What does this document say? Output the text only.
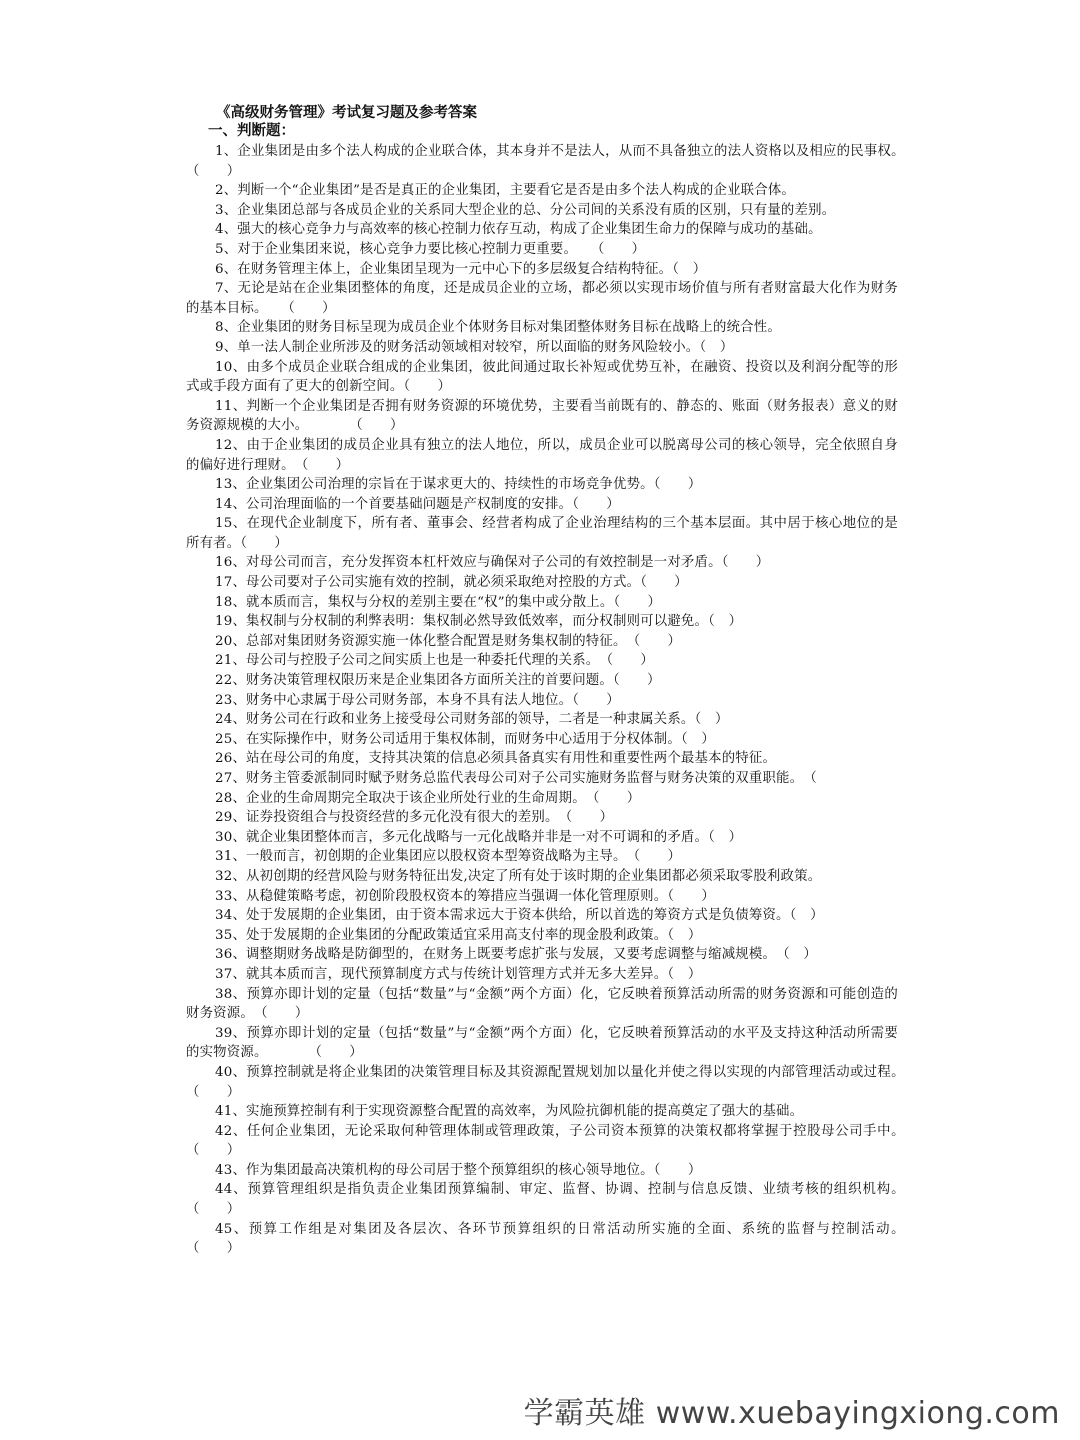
《高级财务管理》考试复习题及参考答案
一、判断题：

1、企业集团是由多个法人构成的企业联合体，其本身并不是法人，从而不具备独立的法人资格以及相应的民事权。　　（　　）

2、判断一个“企业集团”是否是真正的企业集团，主要看它是否是由多个法人构成的企业联合体。

3、企业集团总部与各成员企业的关系同大型企业的总、分公司间的关系没有质的区别，只有量的差别。

4、强大的核心竞争力与高效率的核心控制力依存互动，构成了企业集团生命力的保障与成功的基础。

5、对于企业集团来说，核心竞争力要比核心控制力更重要。　　（　　）

6、在财务管理主体上，企业集团呈现为一元中心下的多层级复合结构特征。（　）

7、无论是站在企业集团整体的角度，还是成员企业的立场，都必须以实现市场价值与所有者财富最大化作为财务的基本目标。　　（　　）

8、企业集团的财务目标呈现为成员企业个体财务目标对集团整体财务目标在战略上的统合性。

9、单一法人制企业所涉及的财务活动领域相对较窄，所以面临的财务风险较小。（　）

10、由多个成员企业联合组成的企业集团，彼此间通过取长补短或优势互补，在融资、投资以及利润分配等的形式或手段方面有了更大的创新空间。（　　）

11、判断一个企业集团是否拥有财务资源的环境优势，主要看当前既有的、静态的、账面（财务报表）意义的财务资源规模的大小。　　　　（　　）

12、由于企业集团的成员企业具有独立的法人地位，所以，成员企业可以脱离母公司的核心领导，完全依照自身的偏好进行理财。　（　　）

13、企业集团公司治理的宗旨在于谋求更大的、持续性的市场竞争优势。（　　）

14、公司治理面临的一个首要基础问题是产权制度的安排。（　　）

15、在现代企业制度下，所有者、董事会、经营者构成了企业治理结构的三个基本层面。其中居于核心地位的是所有者。（　　）

16、对母公司而言，充分发挥资本杠杆效应与确保对子公司的有效控制是一对矛盾。（　　）

17、母公司要对子公司实施有效的控制，就必须采取绝对控股的方式。（　　）

18、就本质而言，集权与分权的差别主要在“权”的集中或分散上。（　　）

19、集权制与分权制的利弊表明：集权制必然导致低效率，而分权制则可以避免。（　）

20、总部对集团财务资源实施一体化整合配置是财务集权制的特征。　（　　）

21、母公司与控股子公司之间实质上也是一种委托代理的关系。　（　　）

22、财务决策管理权限历来是企业集团各方面所关注的首要问题。（　　）

23、财务中心隶属于母公司财务部，本身不具有法人地位。（　　）

24、财务公司在行政和业务上接受母公司财务部的领导，二者是一种隶属关系。（　）

25、在实际操作中，财务公司适用于集权体制，而财务中心适用于分权体制。（　）

26、站在母公司的角度，支持其决策的信息必须具备真实有用性和重要性两个最基本的特征。

27、财务主管委派制同时赋予财务总监代表母公司对子公司实施财务监督与财务决策的双重职能。　（

28、企业的生命周期完全取决于该企业所处行业的生命周期。　（　　）

29、证券投资组合与投资经营的多元化没有很大的差别。　（　　）

30、就企业集团整体而言，多元化战略与一元化战略并非是一对不可调和的矛盾。（　）

31、一般而言，初创期的企业集团应以股权资本型筹资战略为主导。　（　　）

32、从初创期的经营风险与财务特征出发,决定了所有处于该时期的企业集团都必须采取零股利政策。

33、从稳健策略考虑，初创阶段股权资本的筹措应当强调一体化管理原则。（　　）

34、处于发展期的企业集团，由于资本需求远大于资本供给，所以首选的筹资方式是负债筹资。（　）

35、处于发展期的企业集团的分配政策适宜采用高支付率的现金股利政策。（　）

36、调整期财务战略是防御型的，在财务上既要考虑扩张与发展，又要考虑调整与缩减规模。　（　）

37、就其本质而言，现代预算制度方式与传统计划管理方式并无多大差异。（　）

38、预算亦即计划的定量（包括“数量”与“金额”两个方面）化，它反映着预算活动所需的财务资源和可能创造的财务资源。　（　　）

39、预算亦即计划的定量（包括“数量”与“金额”两个方面）化，它反映着预算活动的水平及支持这种活动所需要的实物资源。　　　　（　　）

40、预算控制就是将企业集团的决策管理目标及其资源配置规划加以量化并使之得以实现的内部管理活动或过程。　　　　（　　）

41、实施预算控制有利于实现资源整合配置的高效率，为风险抗御机能的提高奠定了强大的基础。

42、任何企业集团，无论采取何种管理体制或管理政策，子公司资本预算的决策权都将掌握于控股母公司手中。　（　　）

43、作为集团最高决策机构的母公司居于整个预算组织的核心领导地位。（　　）

44、预算管理组织是指负责企业集团预算编制、审定、监督、协调、控制与信息反馈、业绩考核的组织机构。　　　　（　　）

45、预算工作组是对集团及各层次、各环节预算组织的日常活动所实施的全面、系统的监督与控制活动。　　　（　　）

学霸英雄 www.xuebayingxiong.com
